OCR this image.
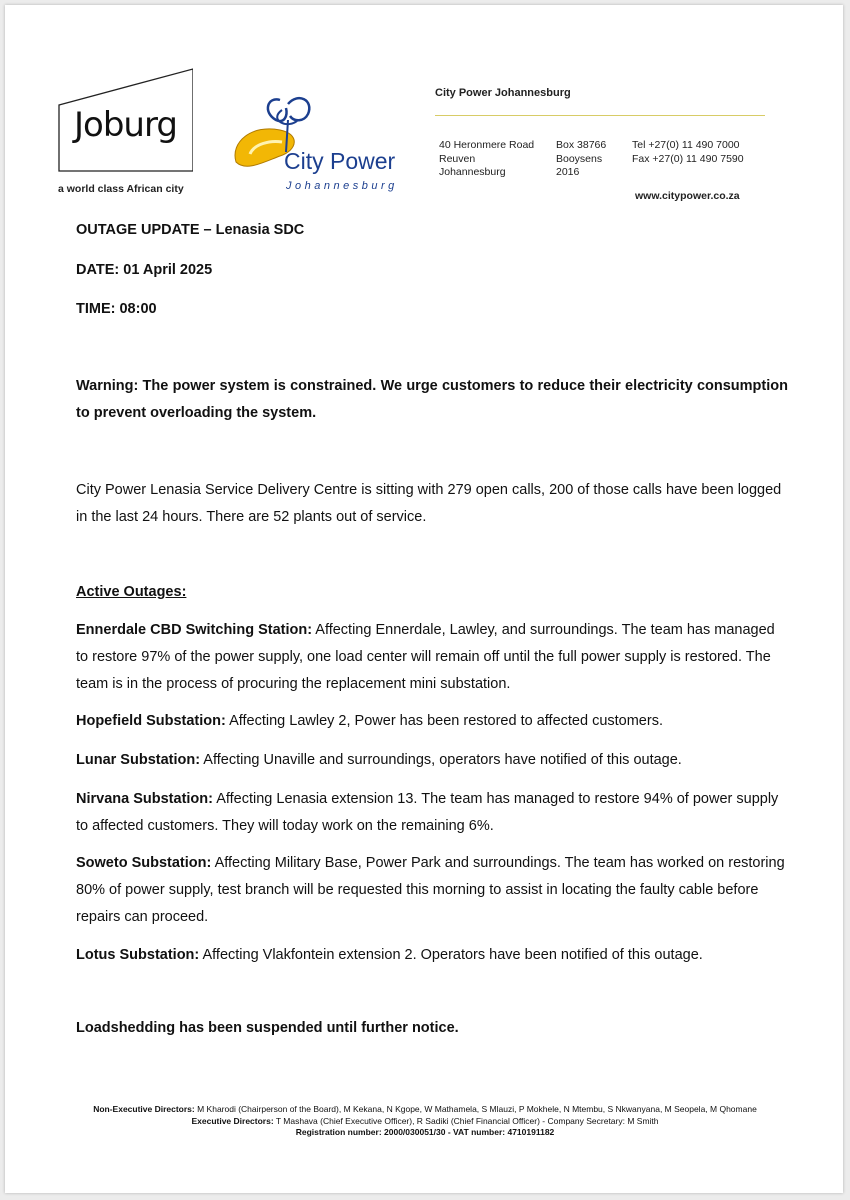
Joburg
a world class African city
City Power
Johannesburg
City Power Johannesburg
40 Heronmere Road
Reuven
Johannesburg
Box 38766
Booysens
2016
Tel +27(0) 11 490 7000
Fax +27(0) 11 490 7590
www.citypower.co.za
OUTAGE UPDATE – Lenasia SDC
DATE: 01 April 2025
TIME: 08:00
Warning: The power system is constrained. We urge customers to reduce their electricity consumption to prevent overloading the system.
City Power Lenasia Service Delivery Centre is sitting with 279 open calls, 200 of those calls have been logged in the last 24 hours. There are 52 plants out of service.
Active Outages:
Ennerdale CBD Switching Station: Affecting Ennerdale, Lawley, and surroundings. The team has managed to restore 97% of the power supply, one load center will remain off until the full power supply is restored. The team is in the process of procuring the replacement mini substation.
Hopefield Substation: Affecting Lawley 2, Power has been restored to affected customers.
Lunar Substation: Affecting Unaville and surroundings, operators have notified of this outage.
Nirvana Substation: Affecting Lenasia extension 13. The team has managed to restore 94% of power supply to affected customers. They will today work on the remaining 6%.
Soweto Substation: Affecting Military Base, Power Park and surroundings. The team has worked on restoring 80% of power supply, test branch will be requested this morning to assist in locating the faulty cable before repairs can proceed.
Lotus Substation: Affecting Vlakfontein extension 2. Operators have been notified of this outage.
Loadshedding has been suspended until further notice.
Non-Executive Directors: M Kharodi (Chairperson of the Board), M Kekana, N Kgope, W Mathamela, S Mlauzi, P Mokhele, N Mtembu, S Nkwanyana, M Seopela, M Qhomane
Executive Directors: T Mashava (Chief Executive Officer), R Sadiki (Chief Financial Officer) - Company Secretary: M Smith
Registration number: 2000/030051/30 - VAT number: 4710191182
